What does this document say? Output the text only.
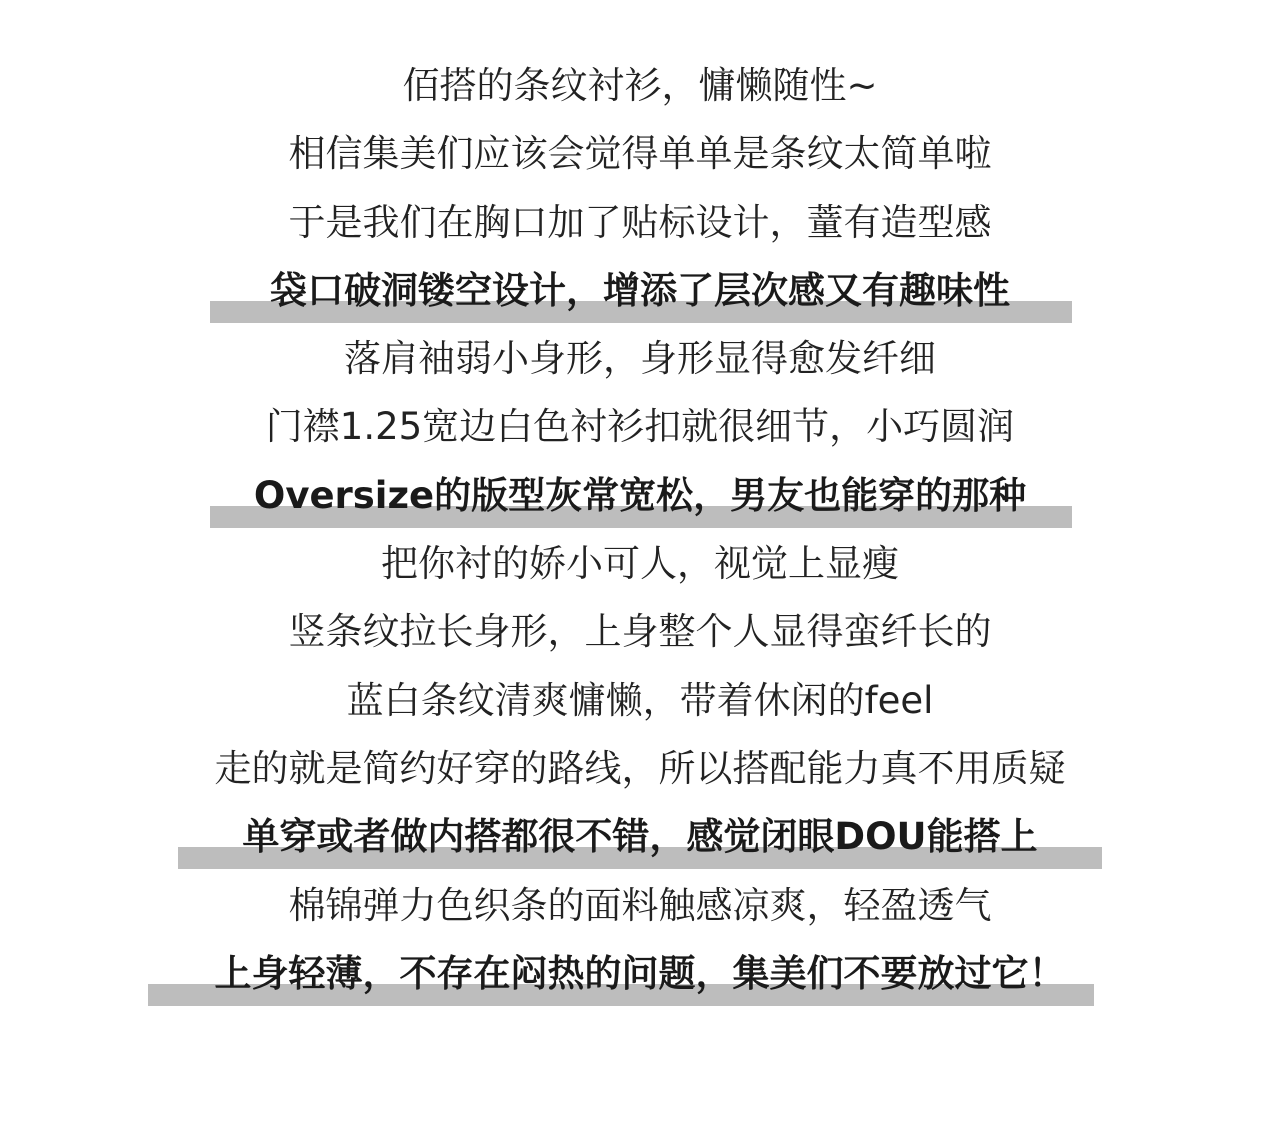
佰搭的条纹衬衫，慵懒随性~
相信集美们应该会觉得单单是条纹太简单啦
于是我们在胸口加了贴标设计，蕫有造型感
袋口破洞镂空设计，增添了层次感又有趣味性
落肩袖弱小身形，身形显得愈发纤细
门襟1.25宽边白色衬衫扣就很细节，小巧圆润
Oversize的版型灰常宽松，男友也能穿的那种
把你衬的娇小可人，视觉上显瘦
竖条纹拉长身形，上身整个人显得蛮纤长的
蓝白条纹清爽慵懒，带着休闲的feel
走的就是简约好穿的路线，所以搭配能力真不用质疑
单穿或者做内搭都很不错，感觉闭眼DOU能搭上
棉锦弹力色织条的面料触感凉爽，轻盈透气
上身轻薄，不存在闷热的问题，集美们不要放过它！
